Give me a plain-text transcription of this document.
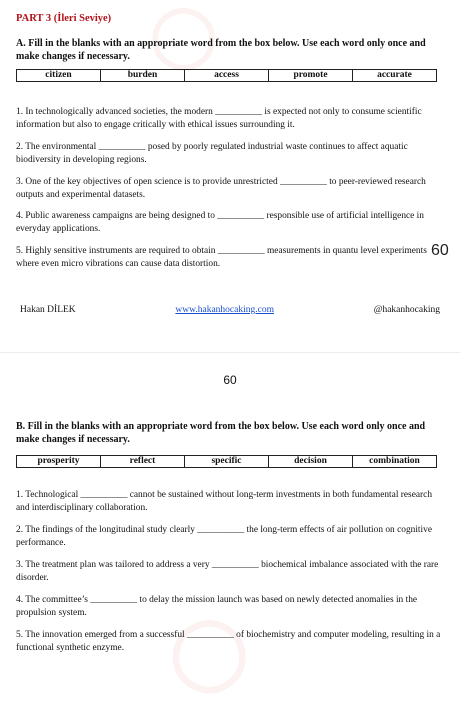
◯
◯
PART 3 (İleri Seviye)
A. Fill in the blanks with an appropriate word from the box below. Use each word only once and make changes if necessary.
citizen	burden	access	promote	accurate
1. In technologically advanced societies, the modern __________ is expected not only to consume scientific information but also to engage critically with ethical issues surrounding it.
2. The environmental __________ posed by poorly regulated industrial waste continues to affect aquatic biodiversity in developing regions.
3. One of the key objectives of open science is to provide unrestricted __________ to peer-reviewed research outputs and experimental datasets.
4. Public awareness campaigns are being designed to __________ responsible use of artificial intelligence in everyday applications.
5. Highly sensitive instruments are required to obtain __________ measurements in quantu level experiments where even micro vibrations can cause data distortion.
60
Hakan DİLEK	www.hakanhocaking.com	@hakanhocaking
60
B. Fill in the blanks with an appropriate word from the box below. Use each word only once and make changes if necessary.
prosperity	reflect	specific	decision	combination
1. Technological __________ cannot be sustained without long-term investments in both fundamental research and interdisciplinary collaboration.
2. The findings of the longitudinal study clearly __________ the long-term effects of air pollution on cognitive performance.
3. The treatment plan was tailored to address a very __________ biochemical imbalance associated with the rare disorder.
4. The committee’s __________ to delay the mission launch was based on newly detected anomalies in the propulsion system.
5. The innovation emerged from a successful __________ of biochemistry and computer modeling, resulting in a functional synthetic enzyme.
